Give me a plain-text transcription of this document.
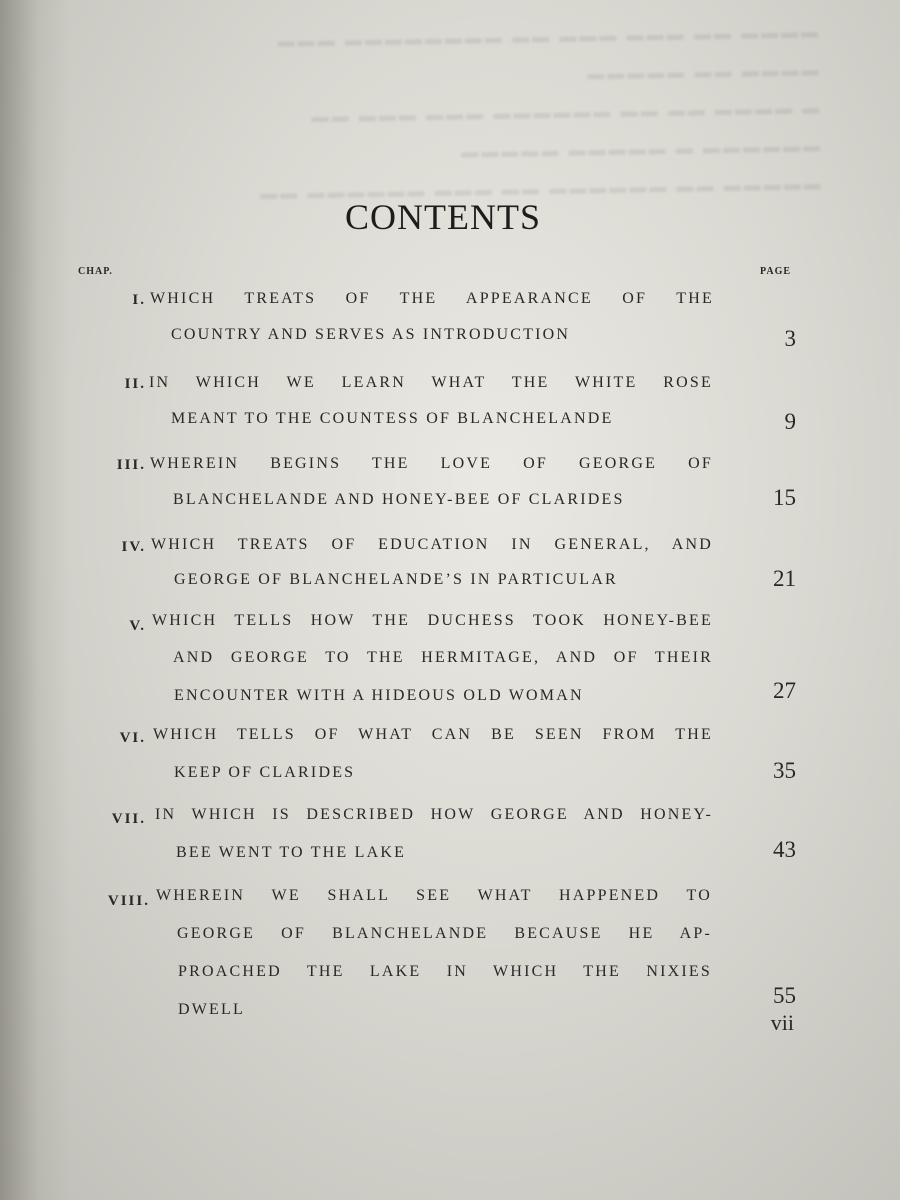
▬▬▬▬ ▬▬ ▬▬▬ ▬▬▬ ▬▬ ▬▬▬▬▬▬▬▬ ▬▬▬
▬▬▬▬ ▬▬ ▬▬▬▬▬
▬ ▬▬▬▬ ▬▬ ▬▬ ▬▬▬▬▬▬ ▬▬▬ ▬▬▬ ▬▬
▬▬▬▬▬▬ ▬ ▬▬▬▬▬ ▬▬▬▬▬
▬▬▬▬▬ ▬▬ ▬▬▬▬▬▬ ▬▬ ▬▬▬ ▬▬▬▬▬▬ ▬▬
CONTENTS
CHAP.	PAGE
I. WHICH TREATS OF THE APPEARANCE OF THE
COUNTRY AND SERVES AS INTRODUCTION	3
II. IN WHICH WE LEARN WHAT THE WHITE ROSE
MEANT TO THE COUNTESS OF BLANCHELANDE	9
III. WHEREIN BEGINS THE LOVE OF GEORGE OF
BLANCHELANDE AND HONEY-BEE OF CLARIDES	15
IV. WHICH TREATS OF EDUCATION IN GENERAL, AND
GEORGE OF BLANCHELANDE’S IN PARTICULAR	21
V. WHICH TELLS HOW THE DUCHESS TOOK HONEY-BEE
AND GEORGE TO THE HERMITAGE, AND OF THEIR
ENCOUNTER WITH A HIDEOUS OLD WOMAN	27
VI. WHICH TELLS OF WHAT CAN BE SEEN FROM THE
KEEP OF CLARIDES	35
VII. IN WHICH IS DESCRIBED HOW GEORGE AND HONEY-
BEE WENT TO THE LAKE	43
VIII. WHEREIN WE SHALL SEE WHAT HAPPENED TO
GEORGE OF BLANCHELANDE BECAUSE HE AP-
PROACHED THE LAKE IN WHICH THE NIXIES
DWELL
55
vii
